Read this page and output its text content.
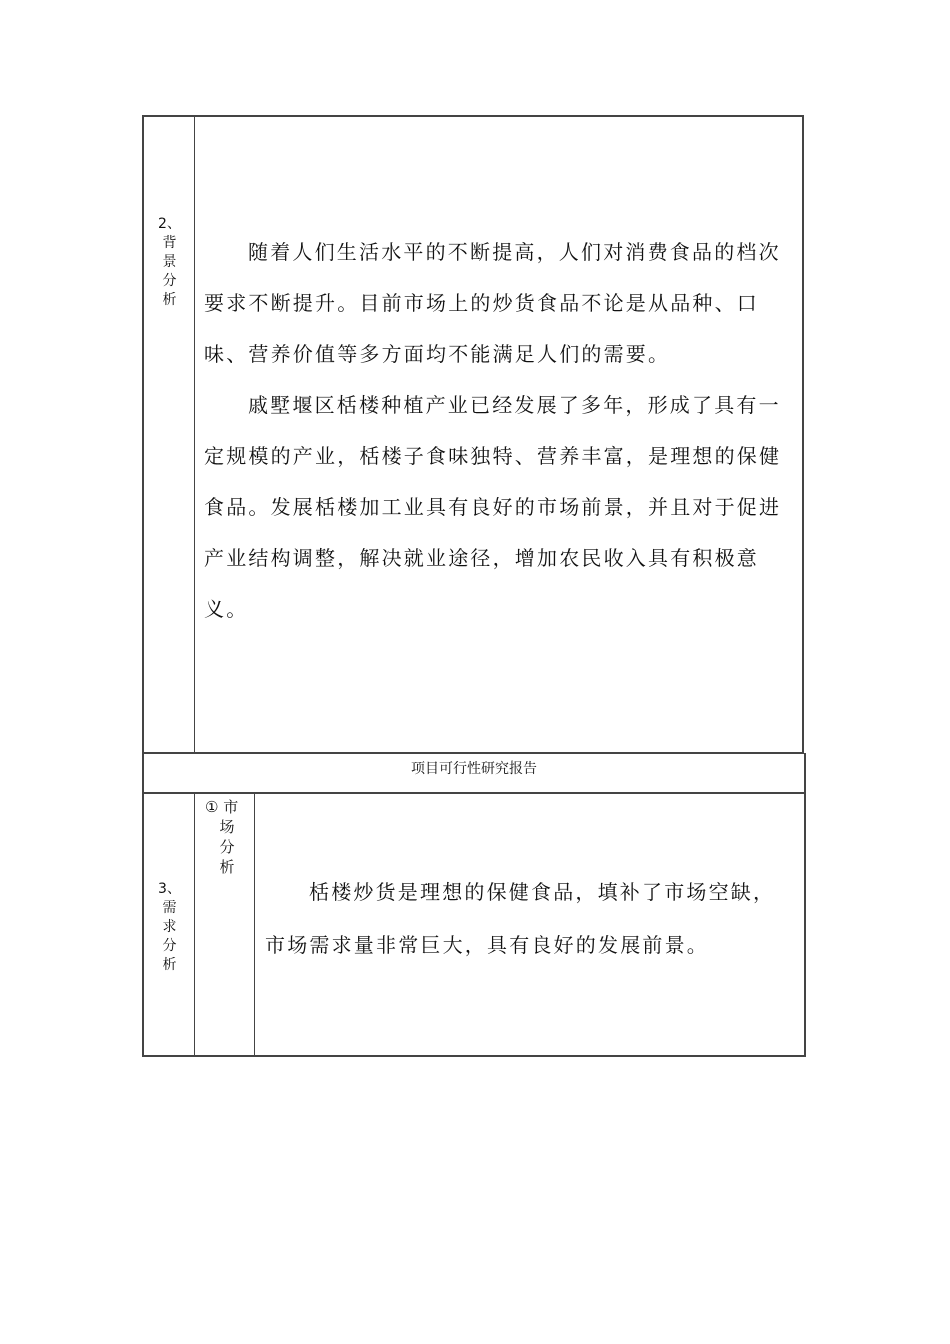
2、
背
景
分
析

随着人们生活水平的不断提高，人们对消费食品的档次要求不断提升。目前市场上的炒货食品不论是从品种、口味、营养价值等多方面均不能满足人们的需要。

戚墅堰区栝楼种植产业已经发展了多年，形成了具有一定规模的产业，栝楼子食味独特、营养丰富，是理想的保健食品。发展栝楼加工业具有良好的市场前景，并且对于促进产业结构调整，解决就业途径，增加农民收入具有积极意义。

项目可行性研究报告
3、
需
求
分
析
① 市
场
分
析

栝楼炒货是理想的保健食品，填补了市场空缺，市场需求量非常巨大，具有良好的发展前景。
